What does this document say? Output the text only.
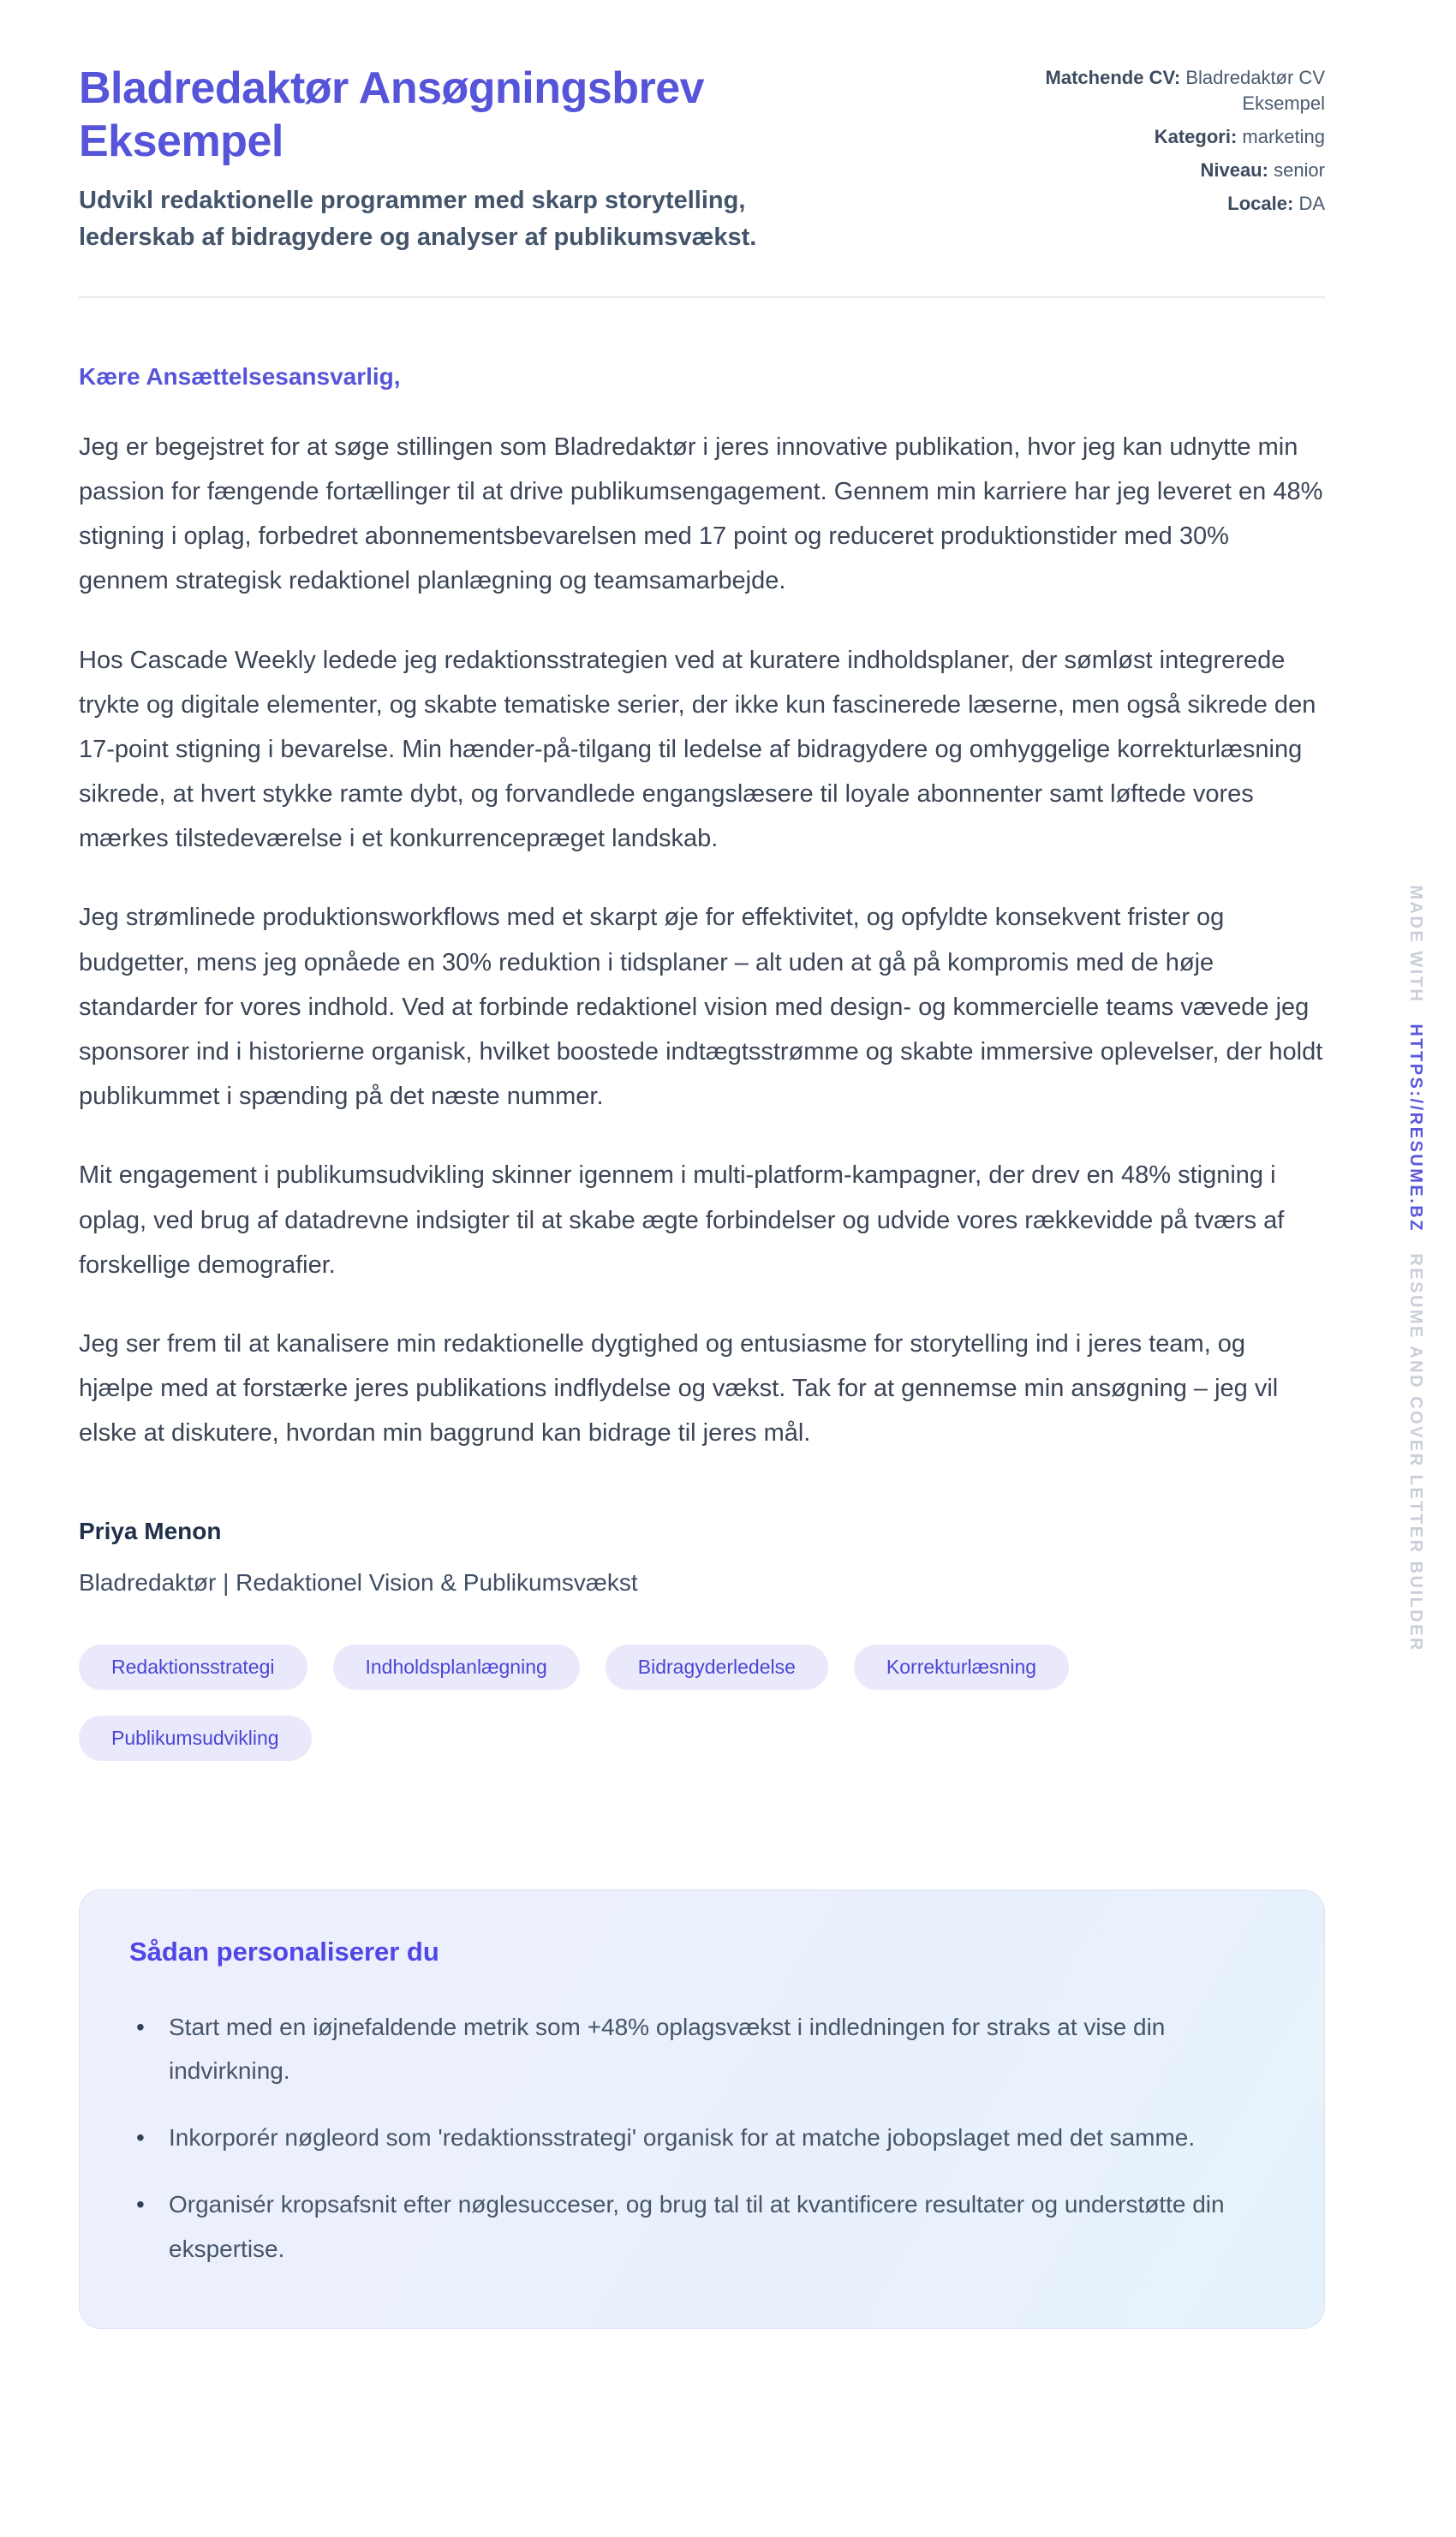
Bladredaktør Ansøgningsbrev Eksempel
Udvikl redaktionelle programmer med skarp storytelling, lederskab af bidragydere og analyser af publikumsvækst.
Matchende CV: Bladredaktør CV Eksempel
Kategori: marketing
Niveau: senior
Locale: DA
Kære Ansættelsesansvarlig,

Jeg er begejstret for at søge stillingen som Bladredaktør i jeres innovative publikation, hvor jeg kan udnytte min passion for fængende fortællinger til at drive publikumsengagement. Gennem min karriere har jeg leveret en 48% stigning i oplag, forbedret abonnementsbevarelsen med 17 point og reduceret produktionstider med 30% gennem strategisk redaktionel planlægning og teamsamarbejde.

Hos Cascade Weekly ledede jeg redaktionsstrategien ved at kuratere indholdsplaner, der sømløst integrerede trykte og digitale elementer, og skabte tematiske serier, der ikke kun fascinerede læserne, men også sikrede den 17-point stigning i bevarelse. Min hænder-på-tilgang til ledelse af bidragydere og omhyggelige korrekturlæsning sikrede, at hvert stykke ramte dybt, og forvandlede engangslæsere til loyale abonnenter samt løftede vores mærkes tilstedeværelse i et konkurrencepræget landskab.

Jeg strømlinede produktionsworkflows med et skarpt øje for effektivitet, og opfyldte konsekvent frister og budgetter, mens jeg opnåede en 30% reduktion i tidsplaner – alt uden at gå på kompromis med de høje standarder for vores indhold. Ved at forbinde redaktionel vision med design- og kommercielle teams vævede jeg sponsorer ind i historierne organisk, hvilket boostede indtægtsstrømme og skabte immersive oplevelser, der holdt publikummet i spænding på det næste nummer.

Mit engagement i publikumsudvikling skinner igennem i multi-platform-kampagner, der drev en 48% stigning i oplag, ved brug af datadrevne indsigter til at skabe ægte forbindelser og udvide vores rækkevidde på tværs af forskellige demografier.

Jeg ser frem til at kanalisere min redaktionelle dygtighed og entusiasme for storytelling ind i jeres team, og hjælpe med at forstærke jeres publikations indflydelse og vækst. Tak for at gennemse min ansøgning – jeg vil elske at diskutere, hvordan min baggrund kan bidrage til jeres mål.

Priya Menon
Bladredaktør | Redaktionel Vision & Publikumsvækst
Redaktionsstrategi	Indholdsplanlægning	Bidragyderledelse	Korrekturlæsning
Publikumsudvikling
Sådan personaliserer du
• Start med en iøjnefaldende metrik som +48% oplagsvækst i indledningen for straks at vise din indvirkning.
• Inkorporér nøgleord som 'redaktionsstrategi' organisk for at matche jobopslaget med det samme.
• Organisér kropsafsnit efter nøglesucceser, og brug tal til at kvantificere resultater og understøtte din ekspertise.
MADE WITH
HTTPS://RESUME.BZ
RESUME AND COVER LETTER BUILDER
